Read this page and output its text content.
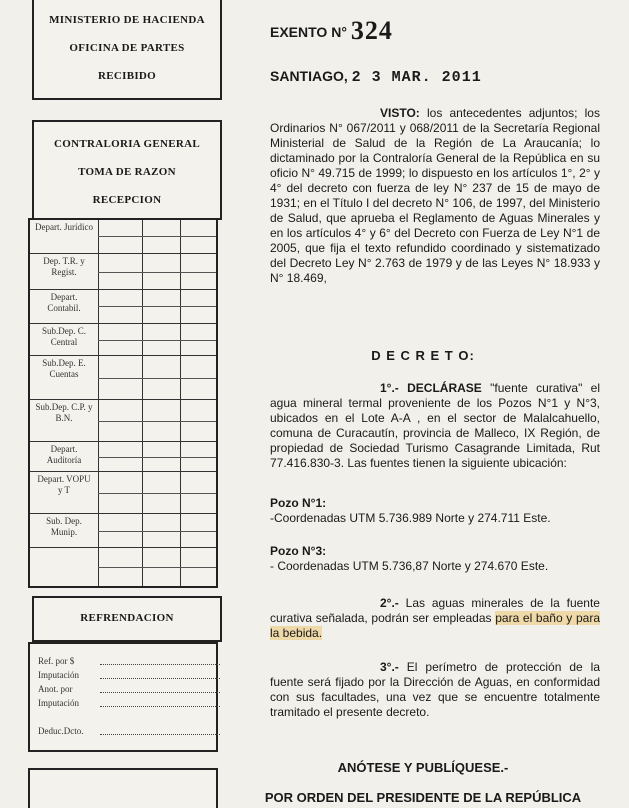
MINISTERIO DE HACIENDA
OFICINA DE PARTES
RECIBIDO
CONTRALORIA GENERAL
TOMA DE RAZON
RECEPCION
Depart. Jurídico
Dep. T.R. y Regist.
Depart. Contabil.
Sub.Dep. C. Central
Sub.Dep. E. Cuentas
Sub.Dep. C.P. y B.N.
Depart. Auditoría
Depart. VOPU y T
Sub. Dep. Munip.
REFRENDACION
Ref. por $
Imputación
Anot. por
Imputación
Deduc.Dcto.
EXENTO N° 324
SANTIAGO, 2 3 MAR. 2011
VISTO: los antecedentes adjuntos; los Ordinarios N° 067/2011 y 068/2011 de la Secretaría Regional Ministerial de Salud de la Región de La Araucanía; lo dictaminado por la Contraloría General de la República en su oficio N° 49.715 de 1999; lo dispuesto en los artículos 1°, 2° y 4° del decreto con fuerza de ley N° 237 de 15 de mayo de 1931; en el Título I del decreto N° 106, de 1997, del Ministerio de Salud, que aprueba el Reglamento de Aguas Minerales y en los artículos 4° y 6° del Decreto con Fuerza de Ley N°1 de 2005, que fija el texto refundido coordinado y sistematizado del Decreto Ley N° 2.763 de 1979 y de las Leyes N° 18.933 y N° 18.469,
D E C R E T O:
1°.- DECLÁRASE "fuente curativa" el agua mineral termal proveniente de los Pozos N°1 y N°3, ubicados en el Lote A-A , en el sector de Malalcahuello, comuna de Curacautín, provincia de Malleco, IX Región, de propiedad de Sociedad Turismo Casagrande Limitada, Rut 77.416.830-3. Las fuentes tienen la siguiente ubicación:
Pozo N°1:
-Coordenadas UTM 5.736.989 Norte y 274.711 Este.
Pozo N°3:
- Coordenadas UTM 5.736,87 Norte y 274.670 Este.
2°.- Las aguas minerales de la fuente curativa señalada, podrán ser empleadas para el baño y para la bebida.
3°.- El perímetro de protección de la fuente será fijado por la Dirección de Aguas, en conformidad con sus facultades, una vez que se encuentre totalmente tramitado el presente decreto.
ANÓTESE Y PUBLÍQUESE.-
POR ORDEN DEL PRESIDENTE DE LA REPÚBLICA
